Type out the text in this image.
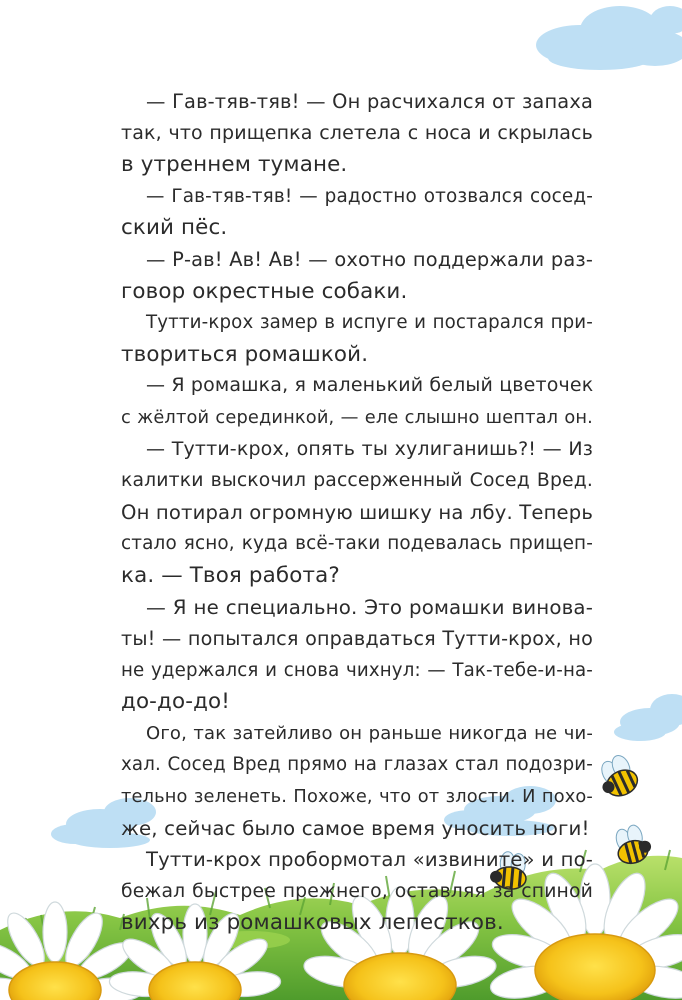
— Гав-тяв-тяв! — Он расчихался от запаха
так, что прищепка слетела с носа и скрылась
в утреннем тумане.

— Гав-тяв-тяв! — радостно отозвался сосед-
ский пёс.

— Р-ав! Ав! Ав! — охотно поддержали раз-
говор окрестные собаки.

Тутти-крох замер в испуге и постарался при-
твориться ромашкой.

— Я ромашка, я маленький белый цветочек
с жёлтой серединкой, — еле слышно шептал он.

— Тутти-крох, опять ты хулиганишь?! — Из
калитки выскочил рассерженный Сосед Вред.
Он потирал огромную шишку на лбу. Теперь
стало ясно, куда всё-таки подевалась прищеп-
ка. — Твоя работа?

— Я не специально. Это ромашки винова-
ты! — попытался оправдаться Тутти-крох, но
не удержался и снова чихнул: — Так-тебе-и-на-
до-до-до!

Ого, так затейливо он раньше никогда не чи-
хал. Сосед Вред прямо на глазах стал подозри-
тельно зеленеть. Похоже, что от злости. И похо-
же, сейчас было самое время уносить ноги!

Тутти-крох пробормотал «извините» и по-
бежал быстрее прежнего, оставляя за спиной
вихрь из ромашковых лепестков.
